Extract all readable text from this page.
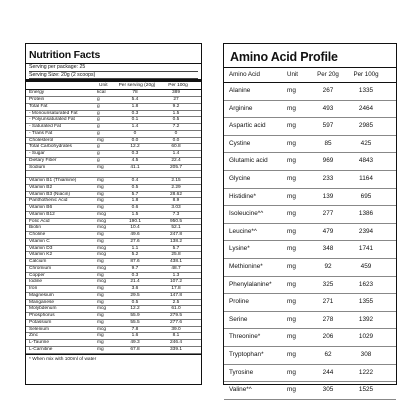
Nutrition Facts
Serving per package: 25
Serving Size: 20g (2 scoops)
Unit	Per serving (20g)	Per 100g
Energy	kcal	78	389
Protein	g	5.4	27
Total Fat	g	1.8	9.2
- Monounsaturated Fat	g	0.3	1.5
- Polyunsaturated Fat	g	0.1	0.5
- Saturated Fat	g	1.4	7.2
- Trans Fat	g	0	0
Cholesterol	mg	0.0	0.0
Total Carbohydrates	g	12.2	60.8
- Sugar	g	0.3	1.4
Dietary Fiber	g	4.5	22.4
Sodium	mg	41.1	205.7
Vitamin B1 (Thiamine)	mg	0.4	2.15
Vitamin B2	mg	0.5	2.29
Vitamin B3 (Niacin)	mg	5.7	28.62
Panthothenic Acid	mg	1.8	8.9
Vitamin B6	mg	0.6	3.03
Vitamin B12	mcg	1.5	7.3
Folic Acid	mcg	190.1	950.5
Biotin	mcg	10.4	52.1
Choline	mg	49.6	247.8
Vitamin C	mg	27.6	138.2
Vitamin D3	mcg	1.1	5.7
Vitamin K2	mcg	5.2	25.8
Calcium	mg	87.6	438.1
Chromium	mcg	9.7	48.7
Copper	mg	0.3	1.3
Iodine	mcg	21.4	107.2
Iron	mg	3.6	17.8
Magnesium	mg	29.5	147.8
Manganese	mg	0.5	2.5
Molybdenum	mcg	12.2	61.0
Phosphorus	mg	55.9	279.5
Potassium	mg	55.5	277.6
Selenium	mcg	7.8	39.0
Zinc	mg	1.6	8.1
L-Taurine	mg	49.3	246.4
L-Carnitine	mg	67.8	339.1
* When mix with 100ml of water
Amino Acid Profile
Amino Acid	Unit	Per 20g	Per 100g
Alanine	mg	267	1335
Arginine	mg	493	2464
Aspartic acid	mg	597	2985
Cystine	mg	85	425
Glutamic acid	mg	969	4843
Glycine	mg	233	1164
Histidine*	mg	139	695
Isoleucine*^	mg	277	1386
Leucine*^	mg	479	2394
Lysine*	mg	348	1741
Methionine*	mg	92	459
Phenylalanine*	mg	325	1623
Proline	mg	271	1355
Serine	mg	278	1392
Threonine*	mg	206	1029
Tryptophan*	mg	62	308
Tyrosine	mg	244	1222
Valine*^	mg	305	1525
